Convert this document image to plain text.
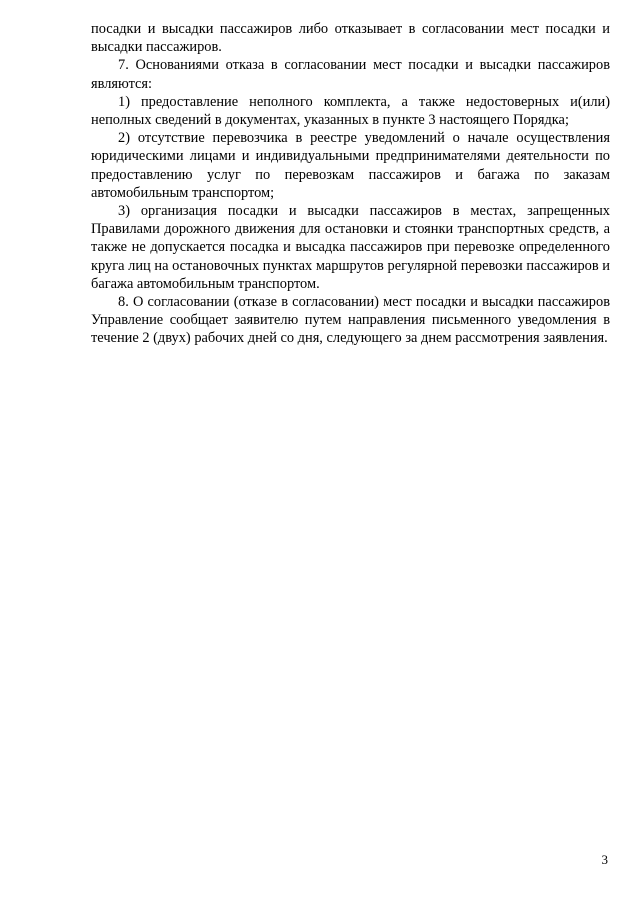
посадки и высадки пассажиров либо отказывает в согласовании мест посадки и высадки пассажиров.

7. Основаниями отказа в согласовании мест посадки и высадки пассажиров являются:

1) предоставление неполного комплекта, а также недостоверных и(или) неполных сведений в документах, указанных в пункте 3 настоящего Порядка;

2) отсутствие перевозчика в реестре уведомлений о начале осуществления юридическими лицами и индивидуальными предпринимателями деятельности по предоставлению услуг по перевозкам пассажиров и багажа по заказам автомобильным транспортом;

3) организация посадки и высадки пассажиров в местах, запрещенных Правилами дорожного движения для остановки и стоянки транспортных средств, а также не допускается посадка и высадка пассажиров при перевозке определенного круга лиц на остановочных пунктах маршрутов регулярной перевозки пассажиров и багажа автомобильным транспортом.

8. О согласовании (отказе в согласовании) мест посадки и высадки пассажиров Управление сообщает заявителю путем направления письменного уведомления в течение 2 (двух) рабочих дней со дня, следующего за днем рассмотрения заявления.

3
